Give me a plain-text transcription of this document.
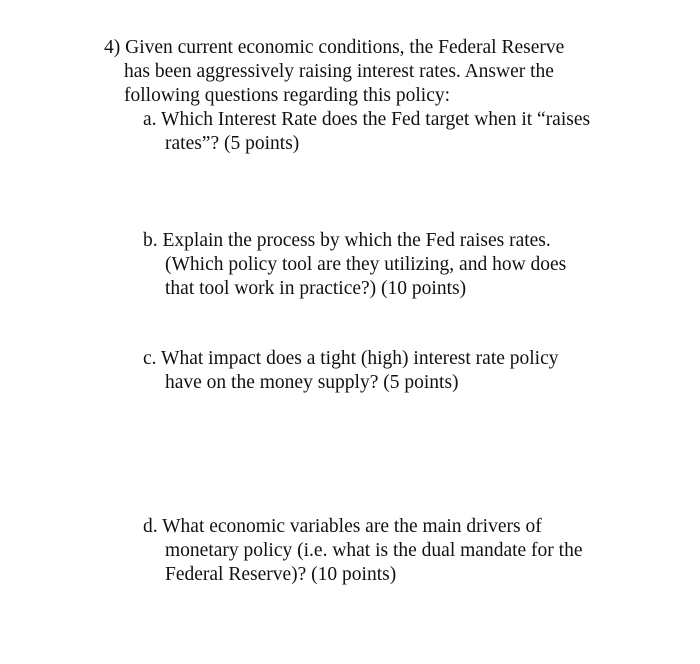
4) Given current economic conditions, the Federal Reserve
has been aggressively raising interest rates. Answer the
following questions regarding this policy:
a. Which Interest Rate does the Fed target when it “raises
rates”? (5 points)
b. Explain the process by which the Fed raises rates.
(Which policy tool are they utilizing, and how does
that tool work in practice?) (10 points)
c. What impact does a tight (high) interest rate policy
have on the money supply? (5 points)
d. What economic variables are the main drivers of
monetary policy (i.e. what is the dual mandate for the
Federal Reserve)? (10 points)
